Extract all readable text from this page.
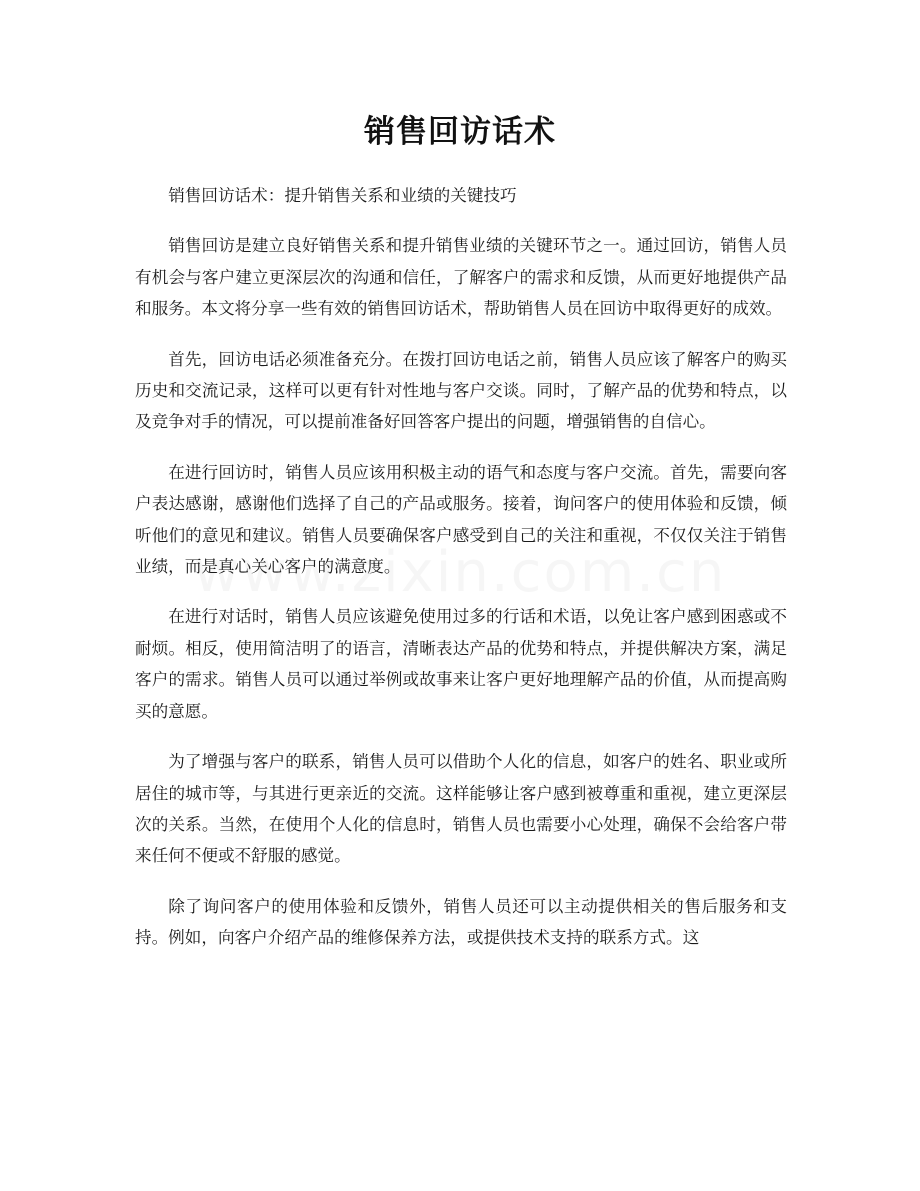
销售回访话术

销售回访话术：提升销售关系和业绩的关键技巧

销售回访是建立良好销售关系和提升销售业绩的关键环节之一。通过回访，销售人员有机会与客户建立更深层次的沟通和信任，了解客户的需求和反馈，从而更好地提供产品和服务。本文将分享一些有效的销售回访话术，帮助销售人员在回访中取得更好的成效。

首先，回访电话必须准备充分。在拨打回访电话之前，销售人员应该了解客户的购买历史和交流记录，这样可以更有针对性地与客户交谈。同时，了解产品的优势和特点，以及竞争对手的情况，可以提前准备好回答客户提出的问题，增强销售的自信心。

在进行回访时，销售人员应该用积极主动的语气和态度与客户交流。首先，需要向客户表达感谢，感谢他们选择了自己的产品或服务。接着，询问客户的使用体验和反馈，倾听他们的意见和建议。销售人员要确保客户感受到自己的关注和重视，不仅仅关注于销售业绩，而是真心关心客户的满意度。

在进行对话时，销售人员应该避免使用过多的行话和术语，以免让客户感到困惑或不耐烦。相反，使用简洁明了的语言，清晰表达产品的优势和特点，并提供解决方案，满足客户的需求。销售人员可以通过举例或故事来让客户更好地理解产品的价值，从而提高购买的意愿。

为了增强与客户的联系，销售人员可以借助个人化的信息，如客户的姓名、职业或所居住的城市等，与其进行更亲近的交流。这样能够让客户感到被尊重和重视，建立更深层次的关系。当然，在使用个人化的信息时，销售人员也需要小心处理，确保不会给客户带来任何不便或不舒服的感觉。

除了询问客户的使用体验和反馈外，销售人员还可以主动提供相关的售后服务和支持。例如，向客户介绍产品的维修保养方法，或提供技术支持的联系方式。这
